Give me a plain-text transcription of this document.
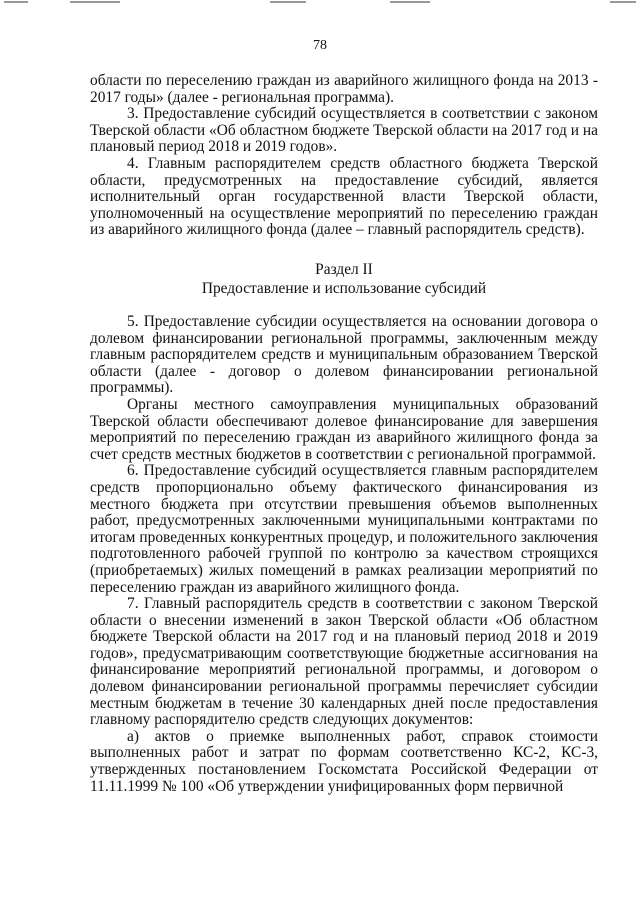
78

области по переселению граждан из аварийного жилищного фонда на 2013 - 2017 годы» (далее - региональная программа).

3. Предоставление субсидий осуществляется в соответствии с законом Тверской области «Об областном бюджете Тверской области на 2017 год и на плановый период 2018 и 2019 годов».

4. Главным распорядителем средств областного бюджета Тверской области, предусмотренных на предоставление субсидий, является исполнительный орган государственной власти Тверской области, уполномоченный на осуществление мероприятий по переселению граждан из аварийного жилищного фонда (далее – главный распорядитель средств).

Раздел II

Предоставление и использование субсидий

5. Предоставление субсидии осуществляется на основании договора о долевом финансировании региональной программы, заключенным между главным распорядителем средств и муниципальным образованием Тверской области (далее - договор о долевом финансировании региональной программы).

Органы местного самоуправления муниципальных образований Тверской области обеспечивают долевое финансирование для завершения мероприятий по переселению граждан из аварийного жилищного фонда за счет средств местных бюджетов в соответствии с региональной программой.

6. Предоставление субсидий осуществляется главным распорядителем средств пропорционально объему фактического финансирования из местного бюджета при отсутствии превышения объемов выполненных работ, предусмотренных заключенными муниципальными контрактами по итогам проведенных конкурентных процедур, и положительного заключения подготовленного рабочей группой по контролю за качеством строящихся (приобретаемых) жилых помещений в рамках реализации мероприятий по переселению граждан из аварийного жилищного фонда.

7. Главный распорядитель средств в соответствии с законом Тверской области о внесении изменений в закон Тверской области «Об областном бюджете Тверской области на 2017 год и на плановый период 2018 и 2019 годов», предусматривающим соответствующие бюджетные ассигнования на финансирование мероприятий региональной программы, и договором о долевом финансировании региональной программы перечисляет субсидии местным бюджетам в течение 30 календарных дней после предоставления главному распорядителю средств следующих документов:

а) актов о приемке выполненных работ, справок стоимости выполненных работ и затрат по формам соответственно КС-2, КС-3, утвержденных постановлением Госкомстата Российской Федерации от 11.11.1999 № 100 «Об утверждении унифицированных форм первичной
